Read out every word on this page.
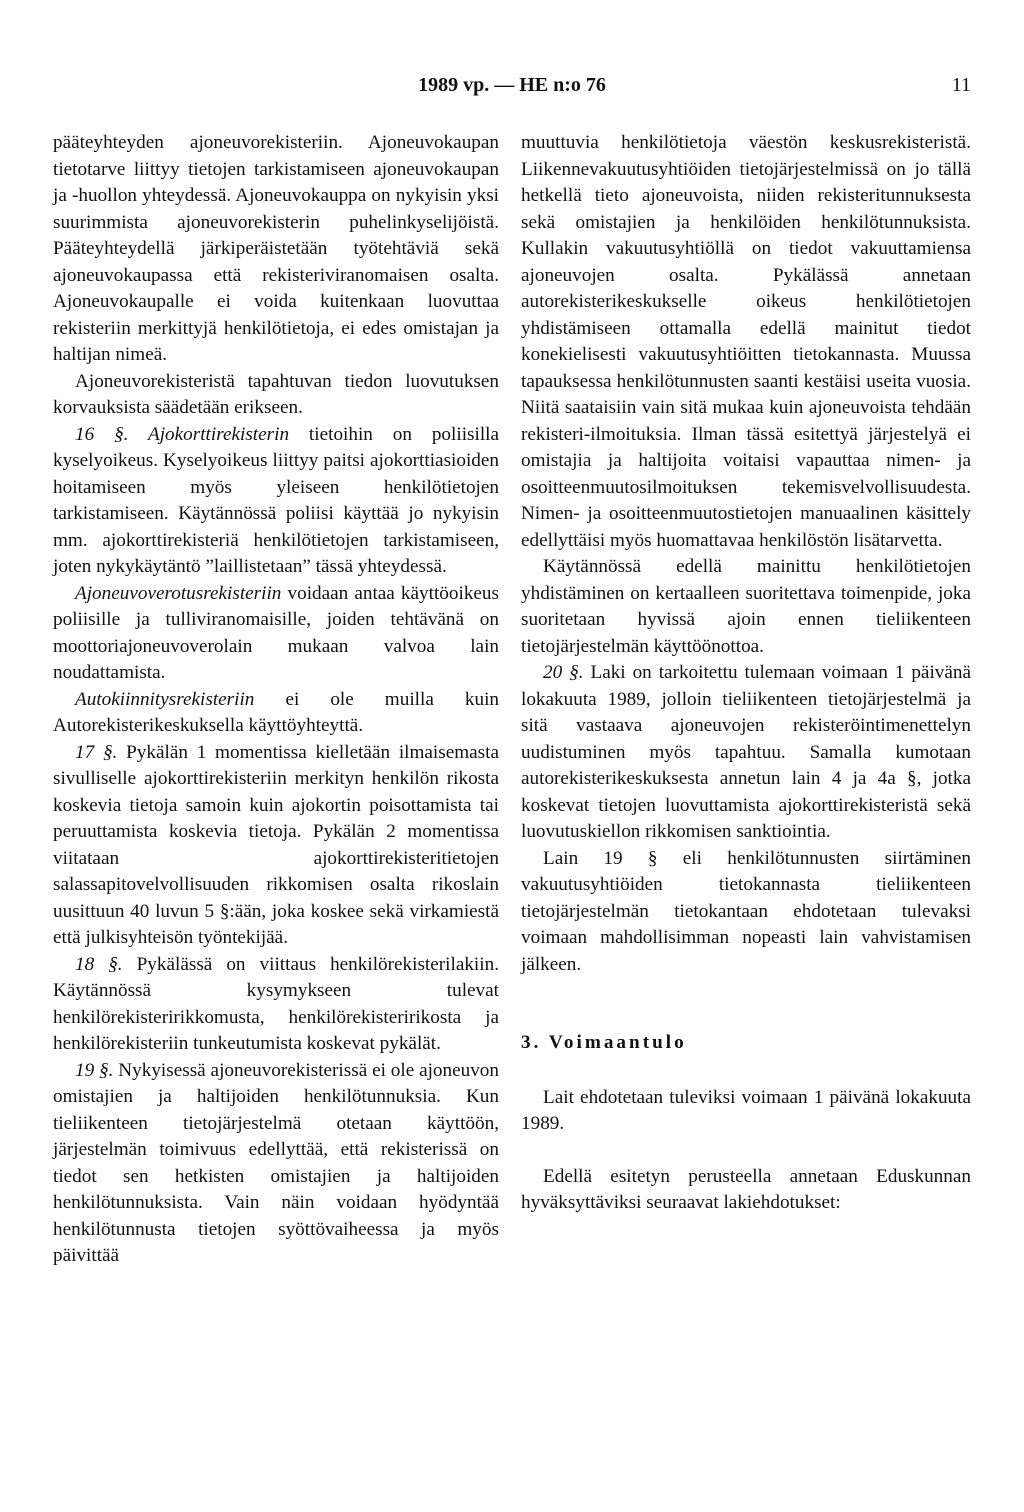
1989 vp. — HE n:o 76	11

pääteyhteyden ajoneuvorekisteriin. Ajoneuvokaupan tietotarve liittyy tietojen tarkistamiseen ajoneuvokaupan ja -huollon yhteydessä. Ajoneuvokauppa on nykyisin yksi suurimmista ajoneuvorekisterin puhelinkyselijöistä. Pääteyhteydellä järkiperäistetään työtehtäviä sekä ajoneuvokaupassa että rekisteriviranomaisen osalta. Ajoneuvokaupalle ei voida kuitenkaan luovuttaa rekisteriin merkittyjä henkilötietoja, ei edes omistajan ja haltijan nimeä.

Ajoneuvorekisteristä tapahtuvan tiedon luovutuksen korvauksista säädetään erikseen.

16 §. Ajokorttirekisterin tietoihin on poliisilla kyselyoikeus. Kyselyoikeus liittyy paitsi ajokorttiasioiden hoitamiseen myös yleiseen henkilötietojen tarkistamiseen. Käytännössä poliisi käyttää jo nykyisin mm. ajokorttirekisteriä henkilötietojen tarkistamiseen, joten nykykäytäntö ”laillistetaan” tässä yhteydessä.

Ajoneuvoverotusrekisteriin voidaan antaa käyttöoikeus poliisille ja tulliviranomaisille, joiden tehtävänä on moottoriajoneuvoverolain mukaan valvoa lain noudattamista.

Autokiinnitysrekisteriin ei ole muilla kuin Autorekisterikeskuksella käyttöyhteyttä.

17 §. Pykälän 1 momentissa kielletään ilmaisemasta sivulliselle ajokorttirekisteriin merkityn henkilön rikosta koskevia tietoja samoin kuin ajokortin poisottamista tai peruuttamista koskevia tietoja. Pykälän 2 momentissa viitataan ajokorttirekisteritietojen salassapitovelvollisuuden rikkomisen osalta rikoslain uusittuun 40 luvun 5 §:ään, joka koskee sekä virkamiestä että julkisyhteisön työntekijää.

18 §. Pykälässä on viittaus henkilörekisterilakiin. Käytännössä kysymykseen tulevat henkilörekisteririkkomusta, henkilörekisteririkosta ja henkilörekisteriin tunkeutumista koskevat pykälät.

19 §. Nykyisessä ajoneuvorekisterissä ei ole ajoneuvon omistajien ja haltijoiden henkilötunnuksia. Kun tieliikenteen tietojärjestelmä otetaan käyttöön, järjestelmän toimivuus edellyttää, että rekisterissä on tiedot sen hetkisten omistajien ja haltijoiden henkilötunnuksista. Vain näin voidaan hyödyntää henkilötunnusta tietojen syöttövaiheessa ja myös päivittää

muuttuvia henkilötietoja väestön keskusrekisteristä. Liikennevakuutusyhtiöiden tietojärjestelmissä on jo tällä hetkellä tieto ajoneuvoista, niiden rekisteritunnuksesta sekä omistajien ja henkilöiden henkilötunnuksista. Kullakin vakuutusyhtiöllä on tiedot vakuuttamiensa ajoneuvojen osalta. Pykälässä annetaan autorekisterikeskukselle oikeus henkilötietojen yhdistämiseen ottamalla edellä mainitut tiedot konekielisesti vakuutusyhtiöitten tietokannasta. Muussa tapauksessa henkilötunnusten saanti kestäisi useita vuosia. Niitä saataisiin vain sitä mukaa kuin ajoneuvoista tehdään rekisteri-ilmoituksia. Ilman tässä esitettyä järjestelyä ei omistajia ja haltijoita voitaisi vapauttaa nimen- ja osoitteenmuutosilmoituksen tekemisvelvollisuudesta. Nimen- ja osoitteenmuutostietojen manuaalinen käsittely edellyttäisi myös huomattavaa henkilöstön lisätarvetta.

Käytännössä edellä mainittu henkilötietojen yhdistäminen on kertaalleen suoritettava toimenpide, joka suoritetaan hyvissä ajoin ennen tieliikenteen tietojärjestelmän käyttöönottoa.

20 §. Laki on tarkoitettu tulemaan voimaan 1 päivänä lokakuuta 1989, jolloin tieliikenteen tietojärjestelmä ja sitä vastaava ajoneuvojen rekisteröintimenettelyn uudistuminen myös tapahtuu. Samalla kumotaan autorekisterikeskuksesta annetun lain 4 ja 4a §, jotka koskevat tietojen luovuttamista ajokorttirekisteristä sekä luovutuskiellon rikkomisen sanktiointia.

Lain 19 § eli henkilötunnusten siirtäminen vakuutusyhtiöiden tietokannasta tieliikenteen tietojärjestelmän tietokantaan ehdotetaan tulevaksi voimaan mahdollisimman nopeasti lain vahvistamisen jälkeen.

3. Voimaantulo

Lait ehdotetaan tuleviksi voimaan 1 päivänä lokakuuta 1989.

Edellä esitetyn perusteella annetaan Eduskunnan hyväksyttäviksi seuraavat lakiehdotukset:
